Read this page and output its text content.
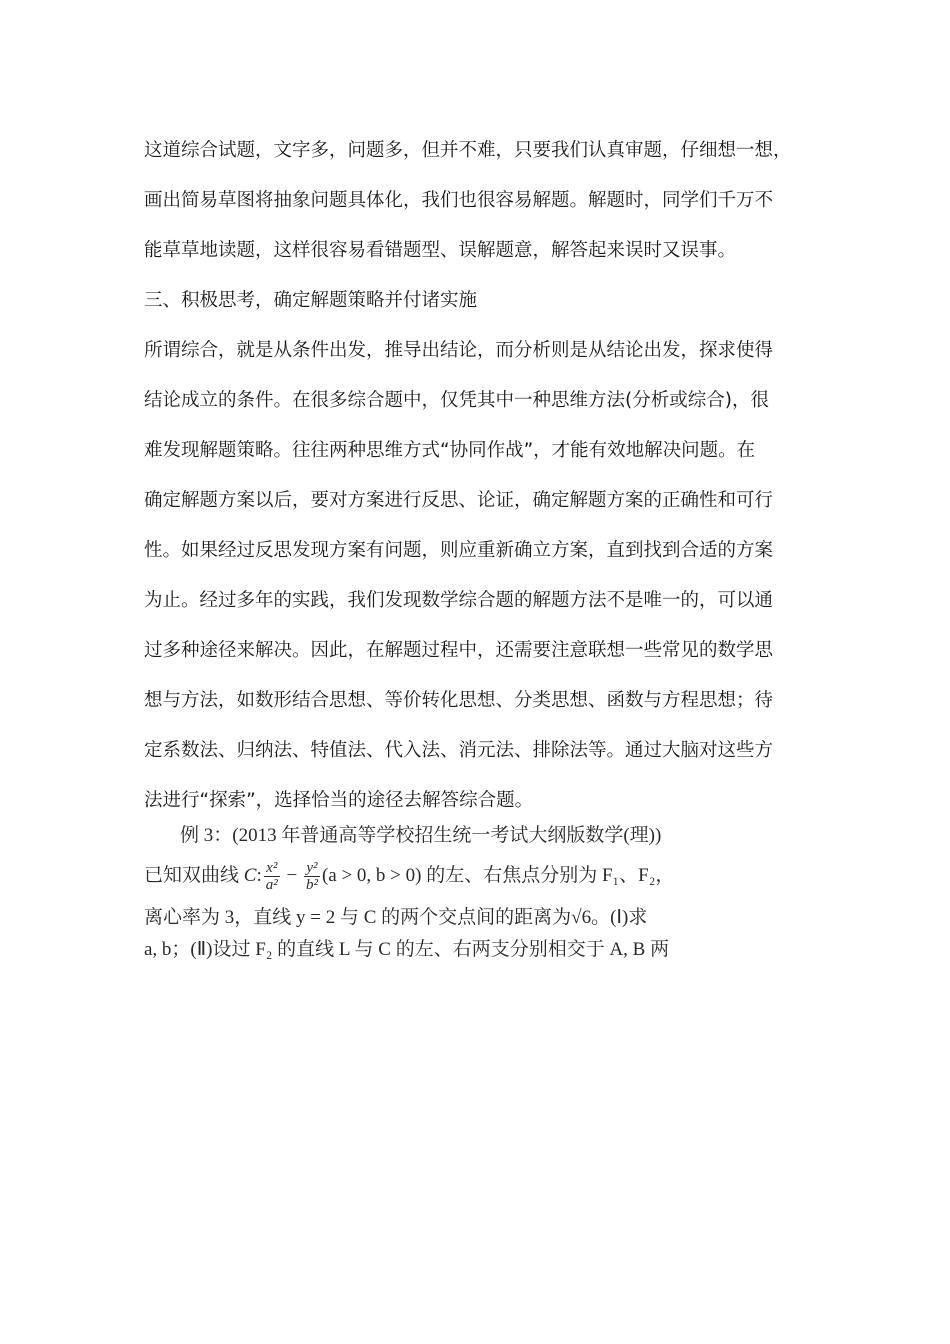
这道综合试题，文字多，问题多，但并不难，只要我们认真审题，仔细想一想，
画出简易草图将抽象问题具体化，我们也很容易解题。解题时，同学们千万不
能草草地读题，这样很容易看错题型、误解题意，解答起来误时又误事。
三、积极思考，确定解题策略并付诸实施
所谓综合，就是从条件出发，推导出结论，而分析则是从结论出发，探求使得
结论成立的条件。在很多综合题中，仅凭其中一种思维方法(分析或综合)，很
难发现解题策略。往往两种思维方式“协同作战”，才能有效地解决问题。在
确定解题方案以后，要对方案进行反思、论证，确定解题方案的正确性和可行
性。如果经过反思发现方案有问题，则应重新确立方案，直到找到合适的方案
为止。经过多年的实践，我们发现数学综合题的解题方法不是唯一的，可以通
过多种途径来解决。因此，在解题过程中，还需要注意联想一些常见的数学思
想与方法，如数形结合思想、等价转化思想、分类思想、函数与方程思想；待
定系数法、归纳法、特值法、代入法、消元法、排除法等。通过大脑对这些方
法进行“探索”，选择恰当的途径去解答综合题。
例 3：(2013 年普通高等学校招生统一考试大纲版数学(理))
已知双曲线 C: $\frac{\text{x²}}{\text{a²}} - \frac{\text{y²}}{\text{b²}} (a > 0$, b > 0) 的左、右焦点分别为 F₁、F₂，
离心率为 3，直线 y = 2 与 C 的两个交点间的距离为√6。(Ⅰ)求
a, b；(Ⅱ)设过 F₂ 的直线 L 与 C 的左、右两支分别相交于 A, B 两
